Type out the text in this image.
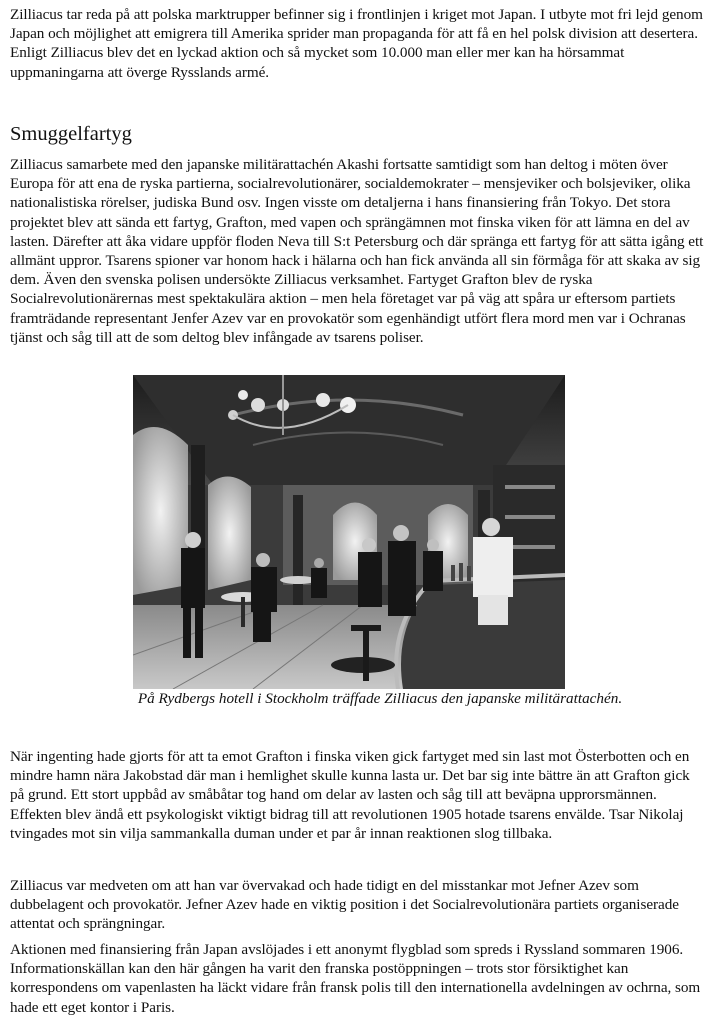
Zilliacus tar reda på att polska marktrupper befinner sig i frontlinjen i kriget mot Japan. I utbyte mot fri lejd genom Japan och möjlighet att emigrera till Amerika sprider man propaganda för att få en hel polsk division att desertera. Enligt Zilliacus blev det en lyckad aktion och så mycket som 10.000 man eller mer kan ha hörsammat uppmaningarna att överge Rysslands armé.

Smuggelfartyg

Zilliacus samarbete med den japanske militärattachén Akashi fortsatte samtidigt som han deltog i möten över Europa för att ena de ryska partierna, socialrevolutionärer, socialdemokrater – mensjeviker och bolsjeviker, olika nationalistiska rörelser, judiska Bund osv. Ingen visste om detaljerna i hans finansiering från Tokyo. Det stora projektet blev att sända ett fartyg, Grafton, med vapen och sprängämnen mot finska viken för att lämna en del av lasten. Därefter att åka vidare uppför floden Neva till S:t Petersburg och där spränga ett fartyg för att sätta igång ett allmänt uppror. Tsarens spioner var honom hack i hälarna och han fick använda all sin förmåga för att skaka av sig dem. Även den svenska polisen undersökte Zilliacus verksamhet. Fartyget Grafton blev de ryska Socialrevolutionärernas mest spektakulära aktion – men hela företaget var på väg att spåra ur eftersom partiets framträdande representant Jenfer Azev var en provokatör som egenhändigt utfört flera mord men var i Ochranas tjänst och såg till att de som deltog blev infångade av tsarens poliser.

På Rydbergs hotell i Stockholm träffade Zilliacus den japanske militärattachén.

När ingenting hade gjorts för att ta emot Grafton i finska viken gick fartyget med sin last mot Österbotten och en mindre hamn nära Jakobstad där man i hemlighet skulle kunna lasta ur. Det bar sig inte bättre än att Grafton gick på grund. Ett stort uppbåd av småbåtar tog hand om delar av lasten och såg till att beväpna upprorsmännen. Effekten blev ändå ett psykologiskt viktigt bidrag till att revolutionen 1905 hotade tsarens envälde. Tsar Nikolaj tvingades mot sin vilja sammankalla duman under et par år innan reaktionen slog tillbaka.

Zilliacus var medveten om att han var övervakad och hade tidigt en del misstankar mot Jefner Azev som dubbelagent och provokatör. Jefner Azev hade en viktig position i det Socialrevolutionära partiets organiserade attentat och sprängningar.

Aktionen med finansiering från Japan avslöjades i ett anonymt flygblad som spreds i Ryssland sommaren 1906. Informationskällan kan den här gången ha varit den franska postöppningen – trots stor försiktighet kan korrespondens om vapenlasten ha läckt vidare från fransk polis till den internationella avdelningen av ochrna, som hade ett eget kontor i Paris.
